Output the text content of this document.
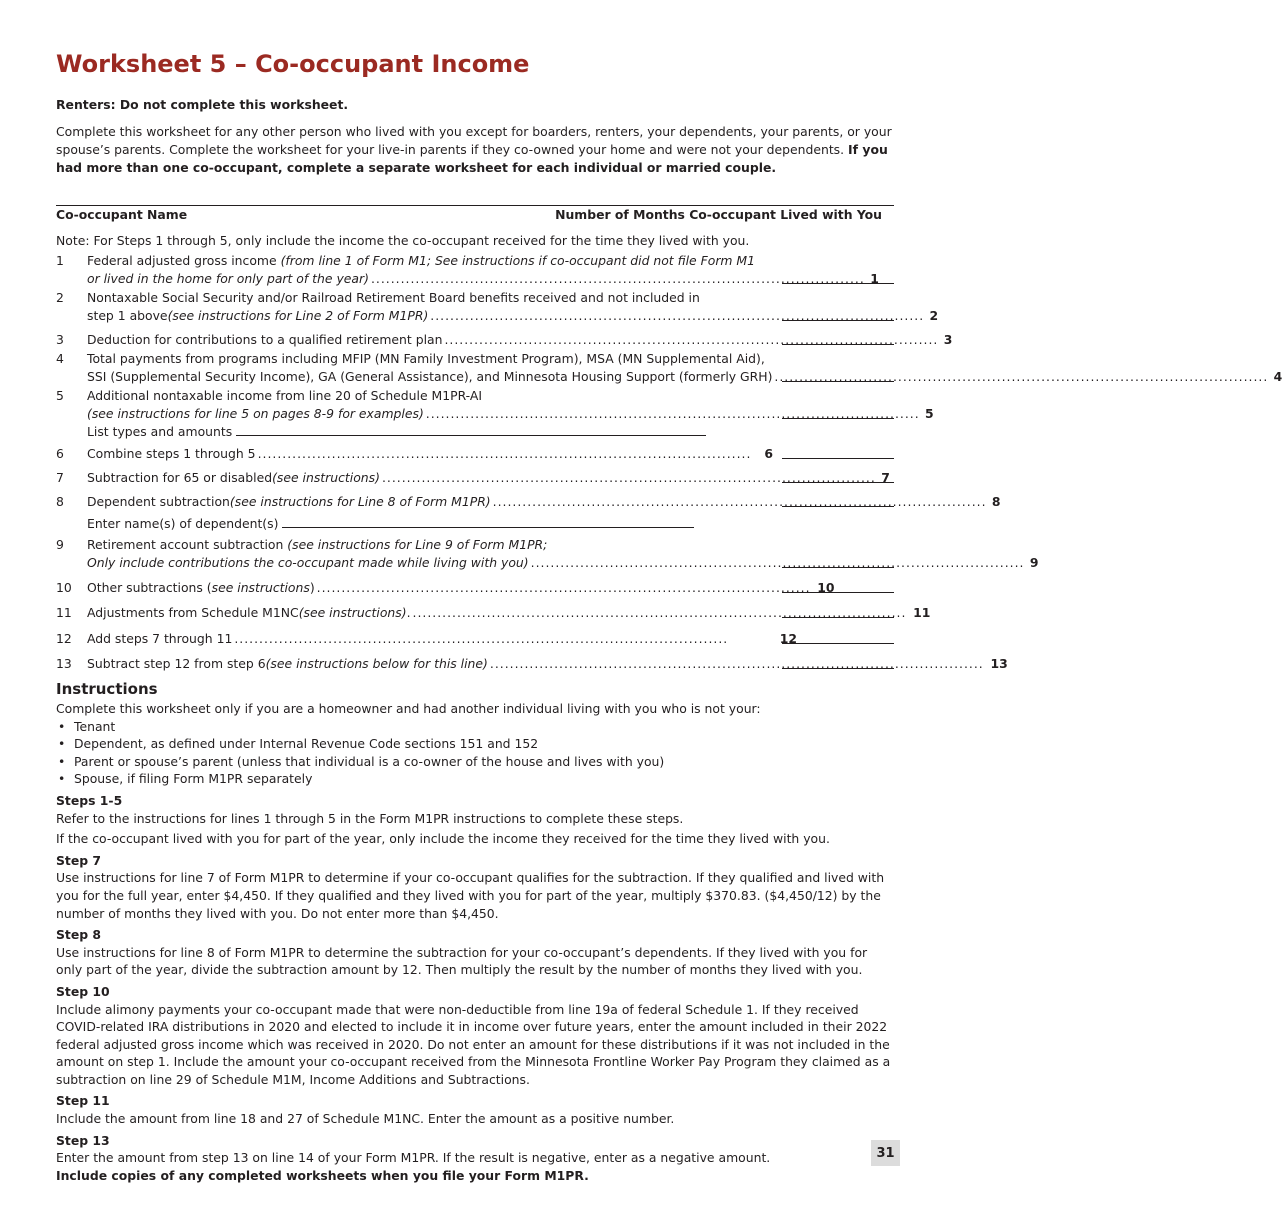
Worksheet 5 – Co-occupant Income
Renters: Do not complete this worksheet.
Complete this worksheet for any other person who lived with you except for boarders, renters, your dependents, your parents, or your spouse’s parents. Complete the worksheet for your live-in parents if they co-owned your home and were not your dependents. If you had more than one co-occupant, complete a separate worksheet for each individual or married couple.
Co-occupant Name	Number of Months Co-occupant Lived with You
Note: For Steps 1 through 5, only include the income the co-occupant received for the time they lived with you.
1 Federal adjusted gross income (from line 1 of Form M1; See instructions if co-occupant did not file Form M1
or lived in the home for only part of the year) .................................................................................................... 1
2 Nontaxable Social Security and/or Railroad Retirement Board benefits received and not included in
step 1 above (see instructions for Line 2 of Form M1PR) .................................................................................................... 2
3 Deduction for contributions to a qualified retirement plan .................................................................................................... 3
4 Total payments from programs including MFIP (MN Family Investment Program), MSA (MN Supplemental Aid),
SSI (Supplemental Security Income), GA (General Assistance), and Minnesota Housing Support (formerly GRH) .................................................................................................... 4
5 Additional nontaxable income from line 20 of Schedule M1PR-AI
(see instructions for line 5 on pages 8-9 for examples) .................................................................................................... 5
List types and amounts
6 Combine steps 1 through 5 ....................................................................................................	6
7 Subtraction for 65 or disabled (see instructions) .................................................................................................... 7
8 Dependent subtraction (see instructions for Line 8 of Form M1PR) .................................................................................................... 8
Enter name(s) of dependent(s)
9 Retirement account subtraction (see instructions for Line 9 of Form M1PR;
Only include contributions the co-occupant made while living with you) .................................................................................................... 9
10 Other subtractions ( see instructions ) .................................................................................................... 10
11 Adjustments from Schedule M1NC (see instructions) . .................................................................................................... 11
12 Add steps 7 through 11 ....................................................................................................	12
13 Subtract step 12 from step 6 (see instructions below for this line) .................................................................................................... 13
Instructions

Complete this worksheet only if you are a homeowner and had another individual living with you who is not your:

• Tenant
• Dependent, as defined under Internal Revenue Code sections 151 and 152
• Parent or spouse’s parent (unless that individual is a co-owner of the house and lives with you)
• Spouse, if filing Form M1PR separately

Steps 1-5

Refer to the instructions for lines 1 through 5 in the Form M1PR instructions to complete these steps.

If the co-occupant lived with you for part of the year, only include the income they received for the time they lived with you.

Step 7

Use instructions for line 7 of Form M1PR to determine if your co-occupant qualifies for the subtraction. If they qualified and lived with you for the full year, enter $4,450. If they qualified and they lived with you for part of the year, multiply $370.83. ($4,450/12) by the number of months they lived with you. Do not enter more than $4,450.

Step 8

Use instructions for line 8 of Form M1PR to determine the subtraction for your co-occupant’s dependents. If they lived with you for only part of the year, divide the subtraction amount by 12. Then multiply the result by the number of months they lived with you.

Step 10

Include alimony payments your co-occupant made that were non-deductible from line 19a of federal Schedule 1. If they received COVID-related IRA distributions in 2020 and elected to include it in income over future years, enter the amount included in their 2022 federal adjusted gross income which was received in 2020. Do not enter an amount for these distributions if it was not included in the amount on step 1. Include the amount your co-occupant received from the Minnesota Frontline Worker Pay Program they claimed as a subtraction on line 29 of Schedule M1M, Income Additions and Subtractions.

Step 11

Include the amount from line 18 and 27 of Schedule M1NC. Enter the amount as a positive number.

Step 13

Enter the amount from step 13 on line 14 of your Form M1PR. If the result is negative, enter as a negative amount.

Include copies of any completed worksheets when you file your Form M1PR.

31
